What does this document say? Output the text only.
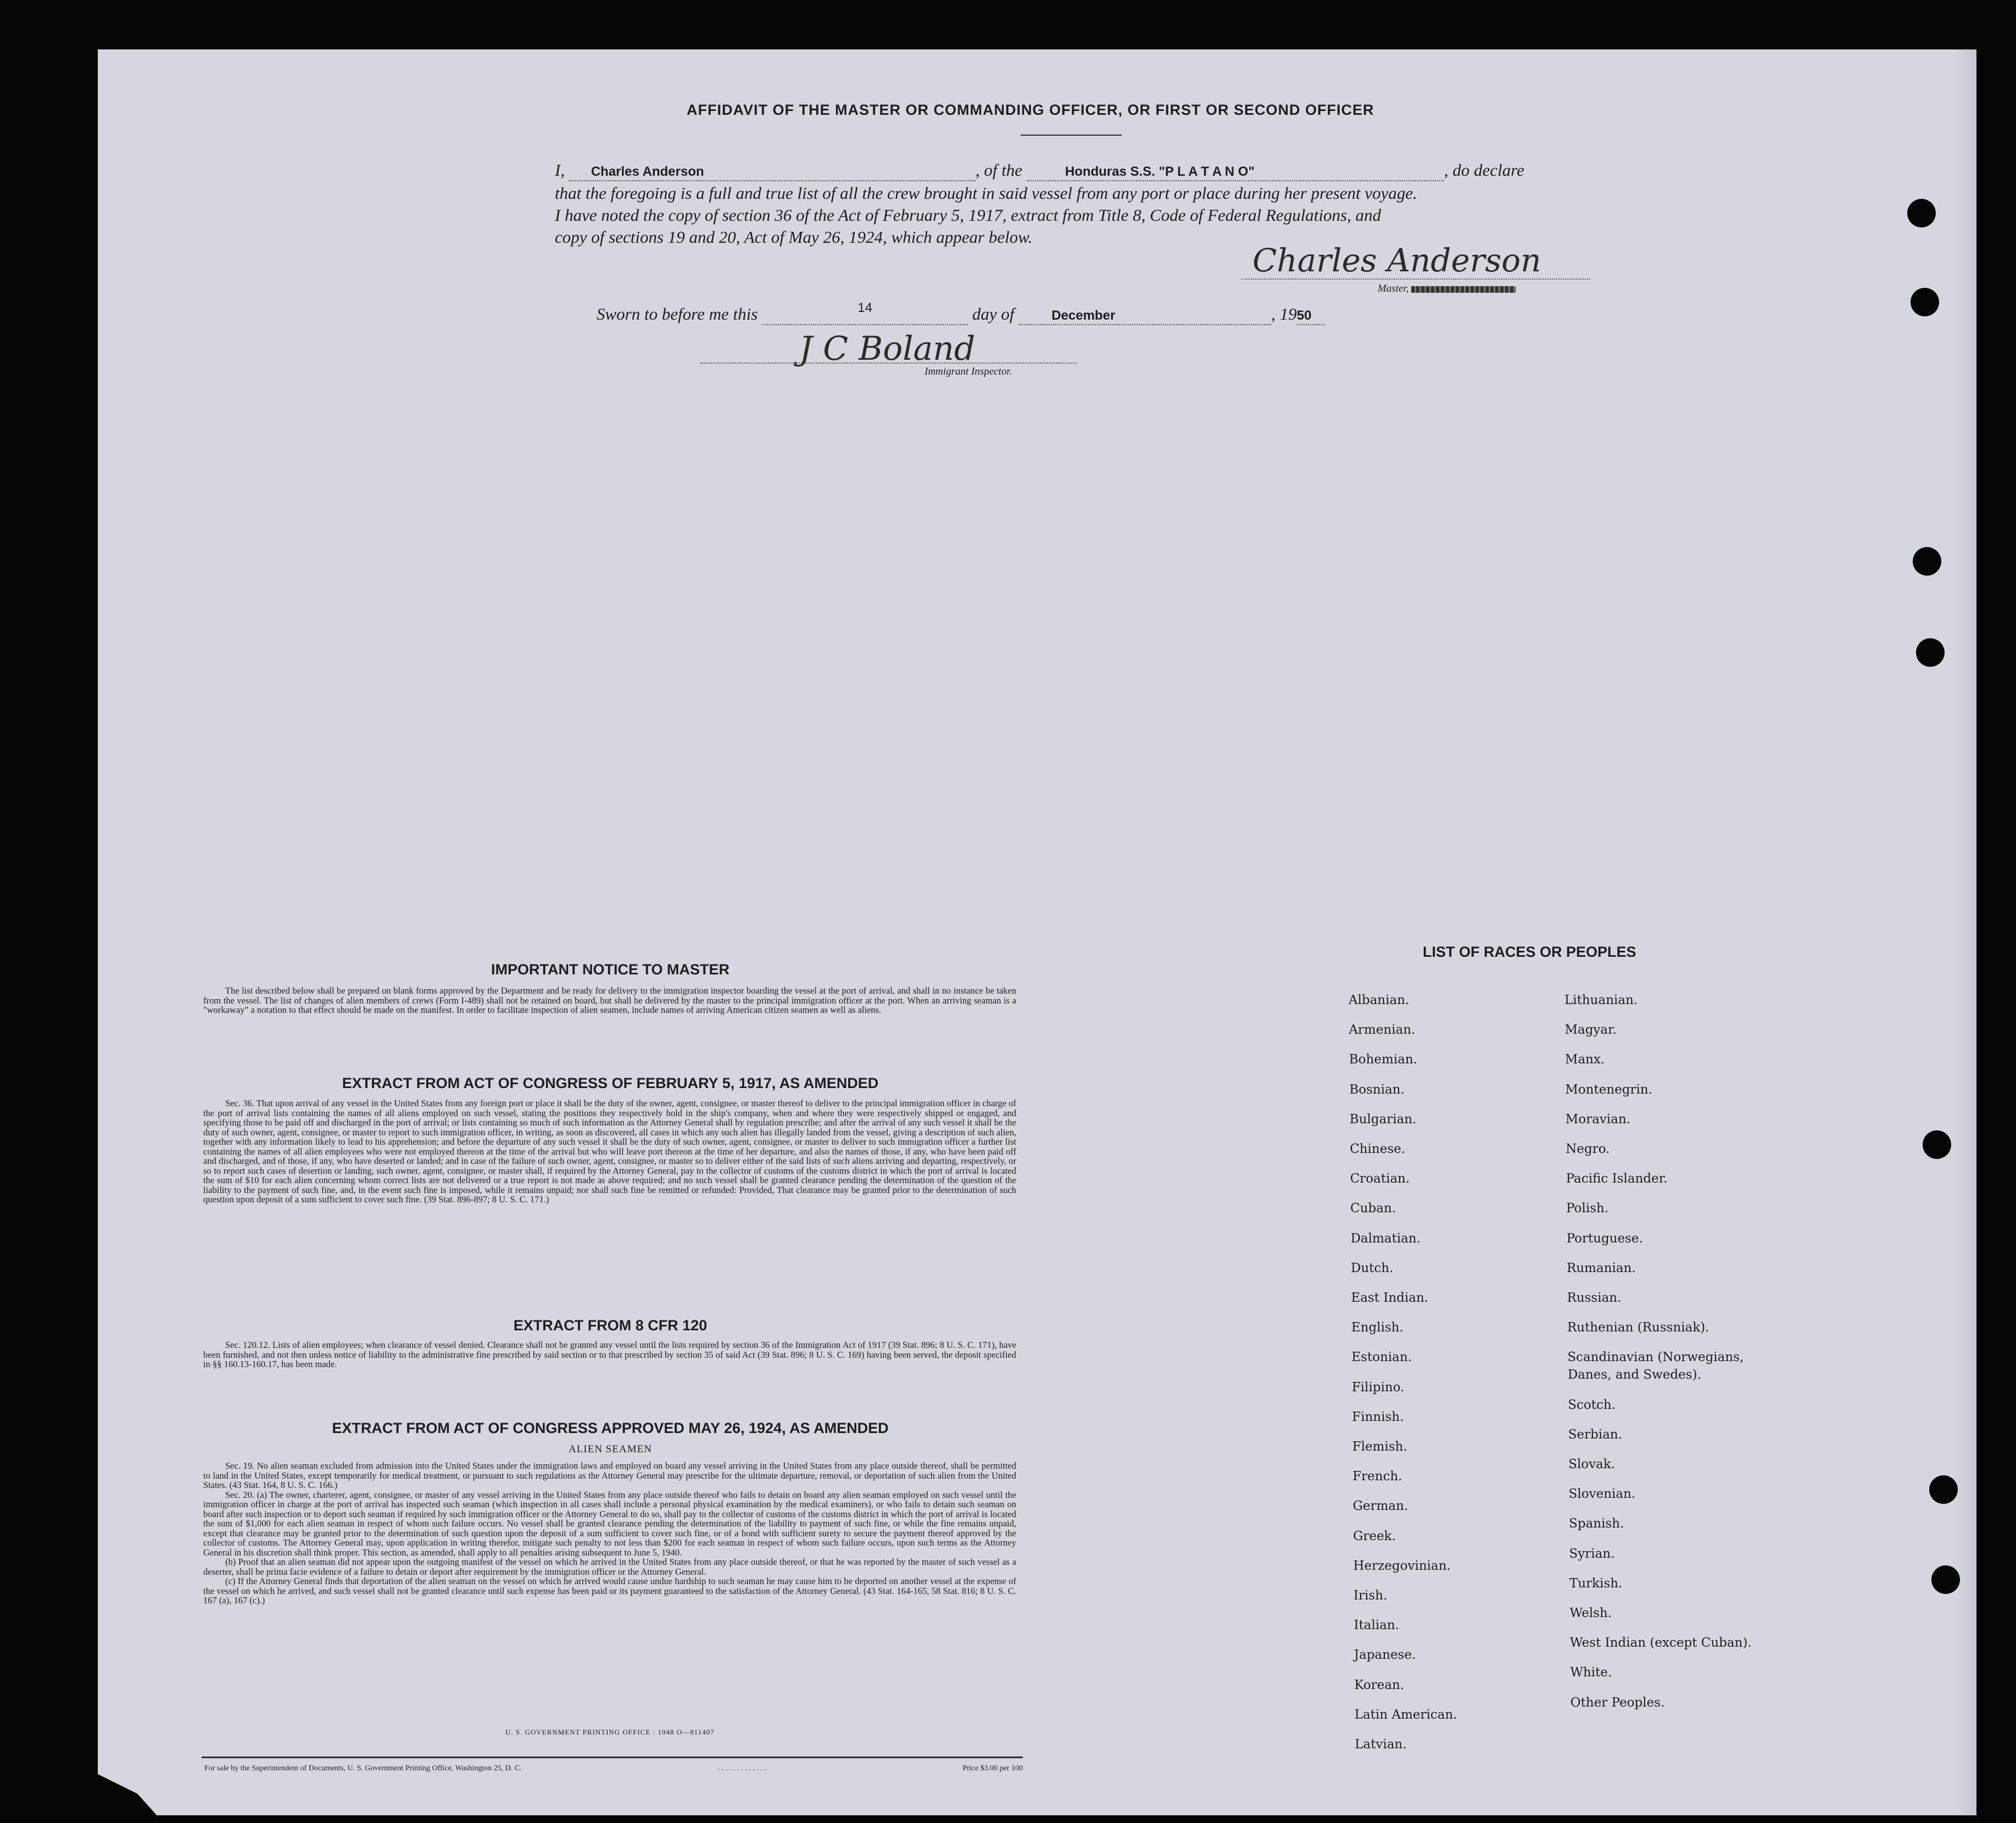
AFFIDAVIT OF THE MASTER OR COMMANDING OFFICER, OR FIRST OR SECOND OFFICER
I, Charles Anderson	, of the	Honduras S.S. "P L A T A N O"	, do declare
that the foregoing is a full and true list of all the crew brought in said vessel from any port or place during her present voyage.
I have noted the copy of section 36 of the Act of February 5, 1917, extract from Title 8, Code of Federal Regulations, and
copy of sections 19 and 20, Act of May 26, 1924, which appear below.
Charles Anderson
Master,
Sworn to before me this	$^{14}$	day of	December	, 1950
J C Boland
Immigrant Inspector.
IMPORTANT NOTICE TO MASTER

The list described below shall be prepared on blank forms approved by the Department and be ready for delivery to the immigration inspector boarding the vessel at the port of arrival, and shall in no instance be taken from the vessel. The list of changes of alien members of crews (Form I-489) shall not be retained on board, but shall be delivered by the master to the principal immigration officer at the port. When an arriving seaman is a "workaway" a notation to that effect should be made on the manifest. In order to facilitate inspection of alien seamen, include names of arriving American citizen seamen as well as aliens.

EXTRACT FROM ACT OF CONGRESS OF FEBRUARY 5, 1917, AS AMENDED

Sec. 36. That upon arrival of any vessel in the United States from any foreign port or place it shall be the duty of the owner, agent, consignee, or master thereof to deliver to the principal immigration officer in charge of the port of arrival lists containing the names of all aliens employed on such vessel, stating the positions they respectively hold in the ship's company, when and where they were respectively shipped or engaged, and specifying those to be paid off and discharged in the port of arrival; or lists containing so much of such information as the Attorney General shall by regulation prescribe; and after the arrival of any such vessel it shall be the duty of such owner, agent, consignee, or master to report to such immigration officer, in writing, as soon as discovered, all cases in which any such alien has illegally landed from the vessel, giving a description of such alien, together with any information likely to lead to his apprehension; and before the departure of any such vessel it shall be the duty of such owner, agent, consignee, or master to deliver to such immigration officer a further list containing the names of all alien employees who were not employed thereon at the time of the arrival but who will leave port thereon at the time of her departure, and also the names of those, if any, who have been paid off and discharged, and of those, if any, who have deserted or landed; and in case of the failure of such owner, agent, consignee, or master so to deliver either of the said lists of such aliens arriving and departing, respectively, or so to report such cases of desertion or landing, such owner, agent, consignee, or master shall, if required by the Attorney General, pay to the collector of customs of the customs district in which the port of arrival is located the sum of $10 for each alien concerning whom correct lists are not delivered or a true report is not made as above required; and no such vessel shall be granted clearance pending the determination of the question of the liability to the payment of such fine, and, in the event such fine is imposed, while it remains unpaid; nor shall such fine be remitted or refunded: Provided, That clearance may be granted prior to the determination of such question upon deposit of a sum sufficient to cover such fine. (39 Stat. 896-897; 8 U. S. C. 171.)

EXTRACT FROM 8 CFR 120

Sec. 120.12. Lists of alien employees; when clearance of vessel denied. Clearance shall not be granted any vessel until the lists required by section 36 of the Immigration Act of 1917 (39 Stat. 896; 8 U. S. C. 171), have been furnished, and not then unless notice of liability to the administrative fine prescribed by said section or to that prescribed by section 35 of said Act (39 Stat. 896; 8 U. S. C. 169) having been served, the deposit specified in §§ 160.13-160.17, has been made.

EXTRACT FROM ACT OF CONGRESS APPROVED MAY 26, 1924, AS AMENDED
ALIEN SEAMEN

Sec. 19. No alien seaman excluded from admission into the United States under the immigration laws and employed on board any vessel arriving in the United States from any place outside thereof, shall be permitted to land in the United States, except temporarily for medical treatment, or pursuant to such regulations as the Attorney General may prescribe for the ultimate departure, removal, or deportation of such alien from the United States. (43 Stat. 164, 8 U. S. C. 166.)

Sec. 20. (a) The owner, charterer, agent, consignee, or master of any vessel arriving in the United States from any place outside thereof who fails to detain on board any alien seaman employed on such vessel until the immigration officer in charge at the port of arrival has inspected such seaman (which inspection in all cases shall include a personal physical examination by the medical examiners), or who fails to detain such seaman on board after such inspection or to deport such seaman if required by such immigration officer or the Attorney General to do so, shall pay to the collector of customs of the customs district in which the port of arrival is located the sum of $1,000 for each alien seaman in respect of whom such failure occurs. No vessel shall be granted clearance pending the determination of the liability to payment of such fine, or while the fine remains unpaid, except that clearance may be granted prior to the determination of such question upon the deposit of a sum sufficient to cover such fine, or of a bond with sufficient surety to secure the payment thereof approved by the collector of customs. The Attorney General may, upon application in writing therefor, mitigate such penalty to not less than $200 for each seaman in respect of whom such failure occurs, upon such terms as the Attorney General in his discretion shall think proper. This section, as amended, shall apply to all penalties arising subsequent to June 5, 1940.

(b) Proof that an alien seaman did not appear upon the outgoing manifest of the vessel on which he arrived in the United States from any place outside thereof, or that he was reported by the master of such vessel as a deserter, shall be prima facie evidence of a failure to detain or deport after requirement by the immigration officer or the Attorney General.

(c) If the Attorney General finds that deportation of the alien seaman on the vessel on which he arrived would cause undue hardship to such seaman he may cause him to be deported on another vessel at the expense of the vessel on which he arrived, and such vessel shall not be granted clearance until such expense has been paid or its payment guaranteed to the satisfaction of the Attorney General. (43 Stat. 164-165, 58 Stat. 816; 8 U. S. C. 167 (a), 167 (c).)

LIST OF RACES OR PEOPLES
Albanian.
Armenian.
Bohemian.
Bosnian.
Bulgarian.
Chinese.
Croatian.
Cuban.
Dalmatian.
Dutch.
East Indian.
English.
Estonian.
Filipino.
Finnish.
Flemish.
French.
German.
Greek.
Herzegovinian.
Irish.
Italian.
Japanese.
Korean.
Latin American.
Latvian.
Lithuanian.
Magyar.
Manx.
Montenegrin.
Moravian.
Negro.
Pacific Islander.
Polish.
Portuguese.
Rumanian.
Russian.
Ruthenian (Russniak).
Scandinavian (Norwegians,
Danes, and Swedes).
Scotch.
Serbian.
Slovak.
Slovenian.
Spanish.
Syrian.
Turkish.
Welsh.
West Indian (except Cuban).
White.
Other Peoples.
U. S. GOVERNMENT PRINTING OFFICE : 1948 O—811407
For sale by the Superintendent of Documents, U. S. Government Printing Office, Washington 25, D. C.	. . . . . . . . . . . . .	Price $3.00 per 100
